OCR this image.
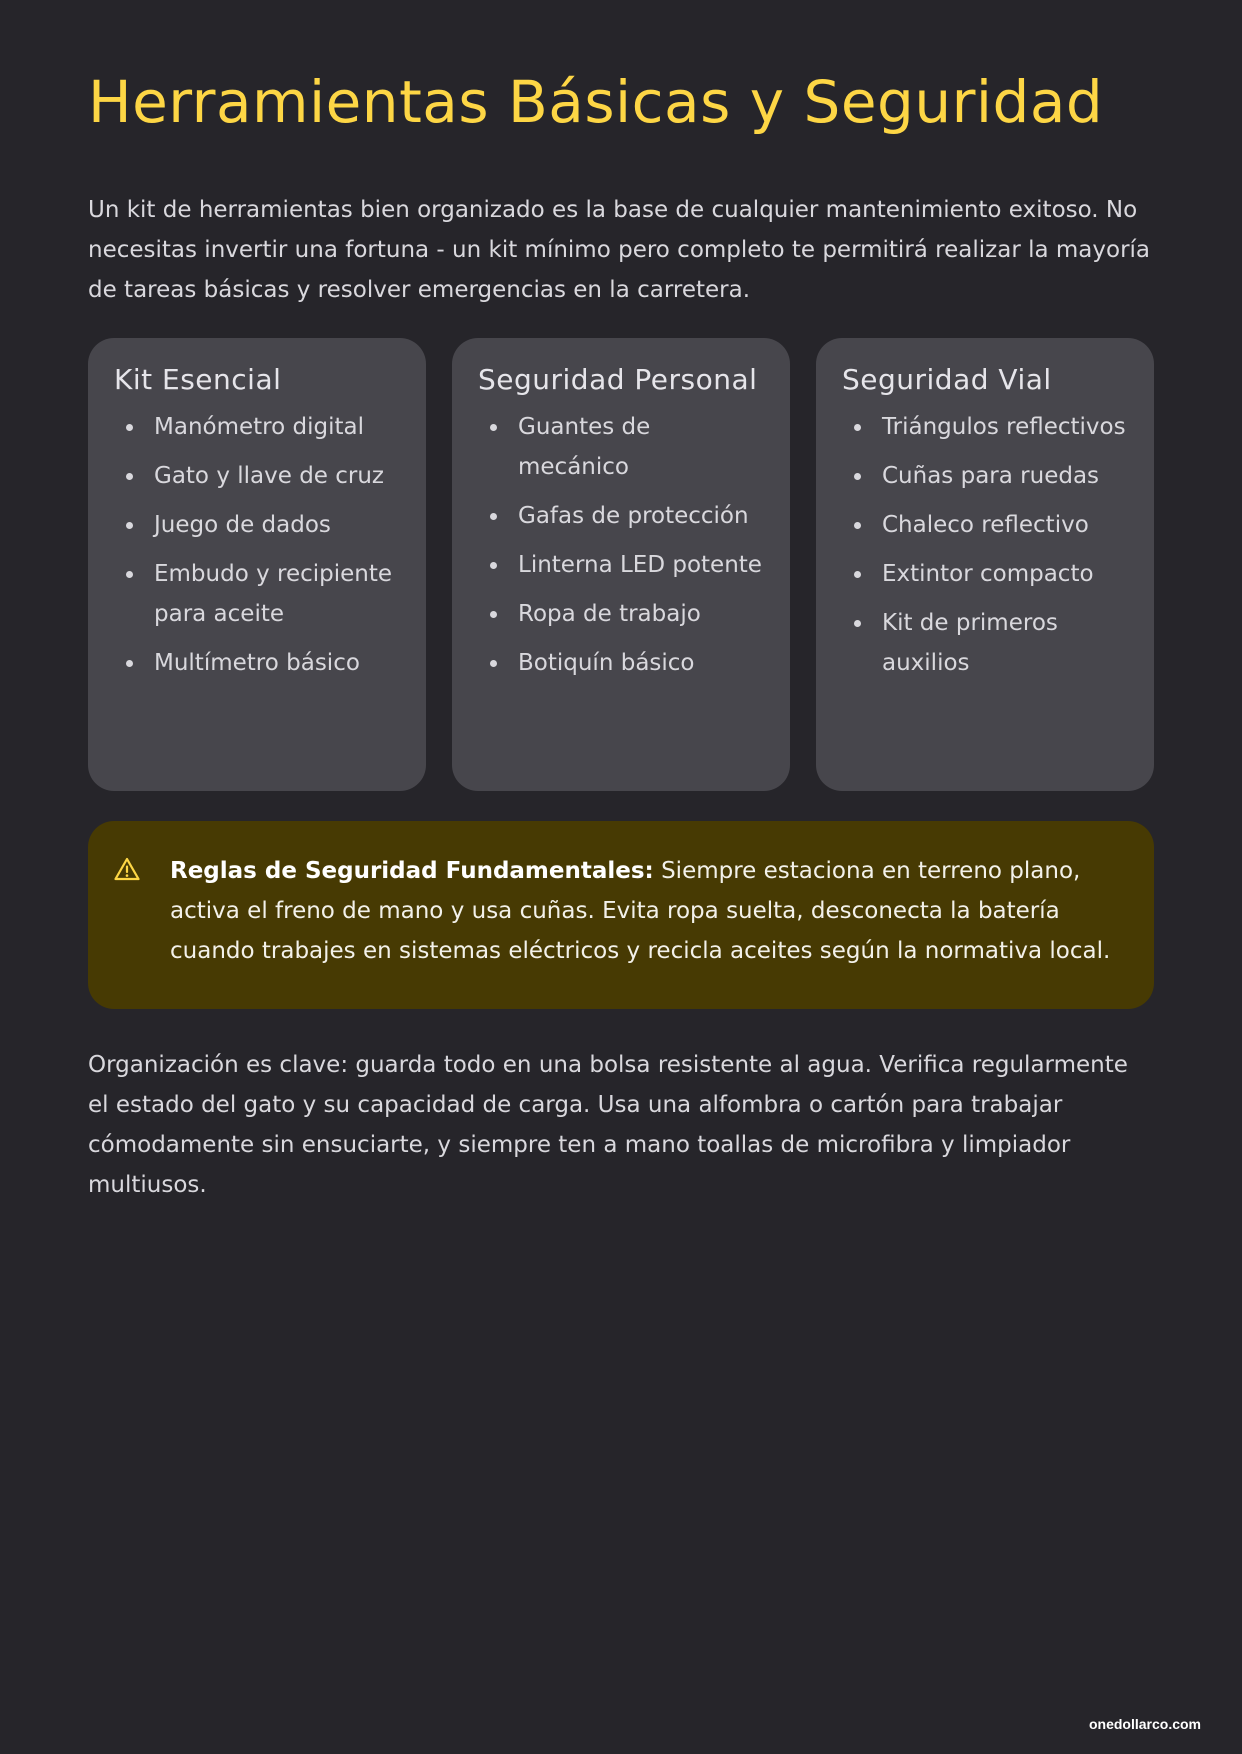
Herramientas Básicas y Seguridad

Un kit de herramientas bien organizado es la base de cualquier mantenimiento exitoso. No necesitas invertir una fortuna - un kit mínimo pero completo te permitirá realizar la mayoría de tareas básicas y resolver emergencias en la carretera.

Kit Esencial
Manómetro digital
Gato y llave de cruz
Juego de dados
Embudo y recipiente para aceite
Multímetro básico
Seguridad Personal
Guantes de mecánico
Gafas de protección
Linterna LED potente
Ropa de trabajo
Botiquín básico
Seguridad Vial
Triángulos reflectivos
Cuñas para ruedas
Chaleco reflectivo
Extintor compacto
Kit de primeros auxilios
Reglas de Seguridad Fundamentales: Siempre estaciona en terreno plano, activa el freno de mano y usa cuñas. Evita ropa suelta, desconecta la batería cuando trabajes en sistemas eléctricos y recicla aceites según la normativa local.

Organización es clave: guarda todo en una bolsa resistente al agua. Verifica regularmente el estado del gato y su capacidad de carga. Usa una alfombra o cartón para trabajar cómodamente sin ensuciarte, y siempre ten a mano toallas de microfibra y limpiador multiusos.

onedollarco.com
